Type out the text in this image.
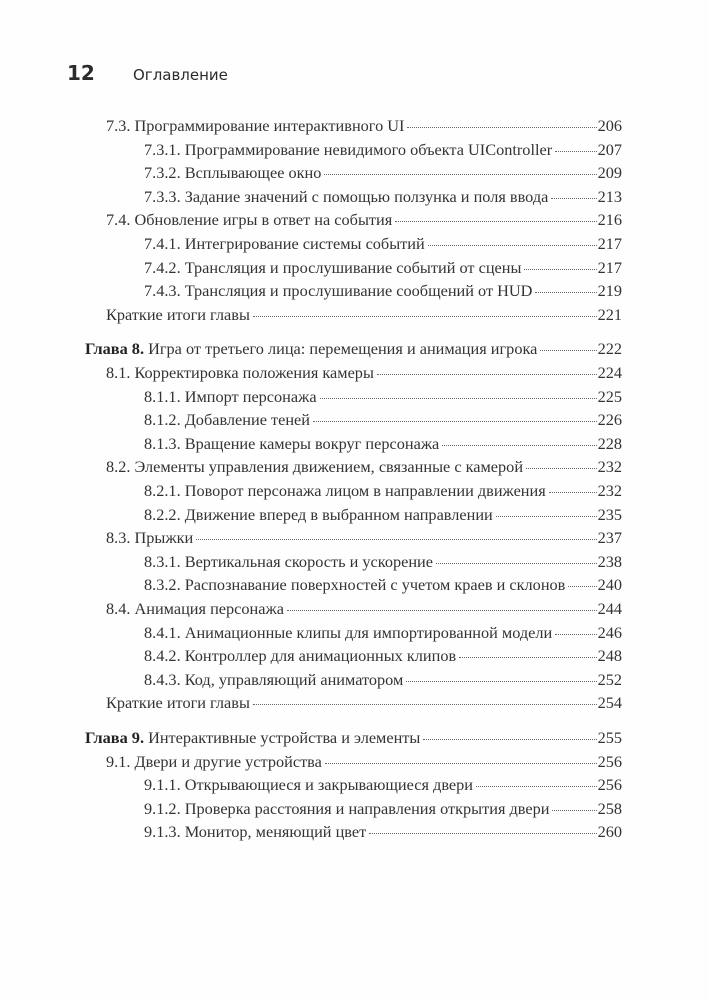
12	Оглавление
7.3. Программирование интерактивного UI	206
7.3.1. Программирование невидимого объекта UIController	207
7.3.2. Всплывающее окно	209
7.3.3. Задание значений с помощью ползунка и поля ввода	213
7.4. Обновление игры в ответ на события	216
7.4.1. Интегрирование системы событий	217
7.4.2. Трансляция и прослушивание событий от сцены	217
7.4.3. Трансляция и прослушивание сообщений от HUD	219
Краткие итоги главы	221
Глава 8. Игра от третьего лица: перемещения и анимация игрока	222
8.1. Корректировка положения камеры	224
8.1.1. Импорт персонажа	225
8.1.2. Добавление теней	226
8.1.3. Вращение камеры вокруг персонажа	228
8.2. Элементы управления движением, связанные с камерой	232
8.2.1. Поворот персонажа лицом в направлении движения	232
8.2.2. Движение вперед в выбранном направлении	235
8.3. Прыжки	237
8.3.1. Вертикальная скорость и ускорение	238
8.3.2. Распознавание поверхностей с учетом краев и склонов 240
8.4. Анимация персонажа	244
8.4.1. Анимационные клипы для импортированной модели	246
8.4.2. Контроллер для анимационных клипов	248
8.4.3. Код, управляющий аниматором	252
Краткие итоги главы	254
Глава 9. Интерактивные устройства и элементы	255
9.1. Двери и другие устройства	256
9.1.1. Открывающиеся и закрывающиеся двери	256
9.1.2. Проверка расстояния и направления открытия двери	258
9.1.3. Монитор, меняющий цвет	260
